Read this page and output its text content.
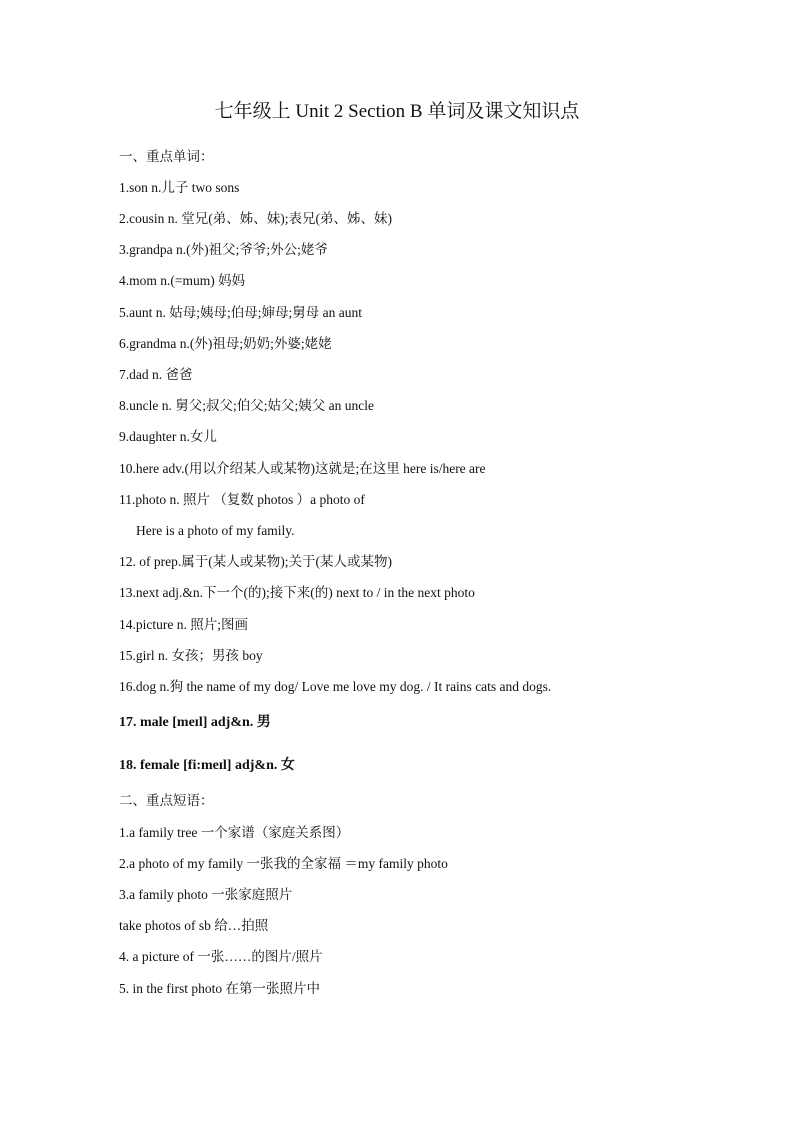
七年级上 Unit 2 Section B 单词及课文知识点
一、重点单词：
1.son n.儿子 two sons
2.cousin n. 堂兄(弟、姊、妹);表兄(弟、姊、妹)
3.grandpa n.(外)祖父;爷爷;外公;姥爷
4.mom n.(=mum) 妈妈
5.aunt n. 姑母;姨母;伯母;婶母;舅母 an aunt
6.grandma n.(外)祖母;奶奶;外婆;姥姥
7.dad n. 爸爸
8.uncle n. 舅父;叔父;伯父;姑父;姨父 an uncle
9.daughter n.女儿
10.here adv.(用以介绍某人或某物)这就是;在这里 here is/here are
11.photo n. 照片 （复数 photos ）a photo of
Here is a photo of my family.
12. of prep.属于(某人或某物);关于(某人或某物)
13.next adj.&n.下一个(的);接下来(的) next to / in the next photo
14.picture n. 照片;图画
15.girl n. 女孩；男孩 boy
16.dog n.狗 the name of my dog/ Love me love my dog. / It rains cats and dogs.
17. male [meɪl] adj&n. 男
18. female [fi:meɪl] adj&n. 女
二、重点短语：
1.a family tree 一个家谱（家庭关系图）
2.a photo of my family 一张我的全家福 ＝my family photo
3.a family photo 一张家庭照片
take photos of sb 给…拍照
4. a picture of 一张……的图片/照片
5. in the first photo 在第一张照片中
